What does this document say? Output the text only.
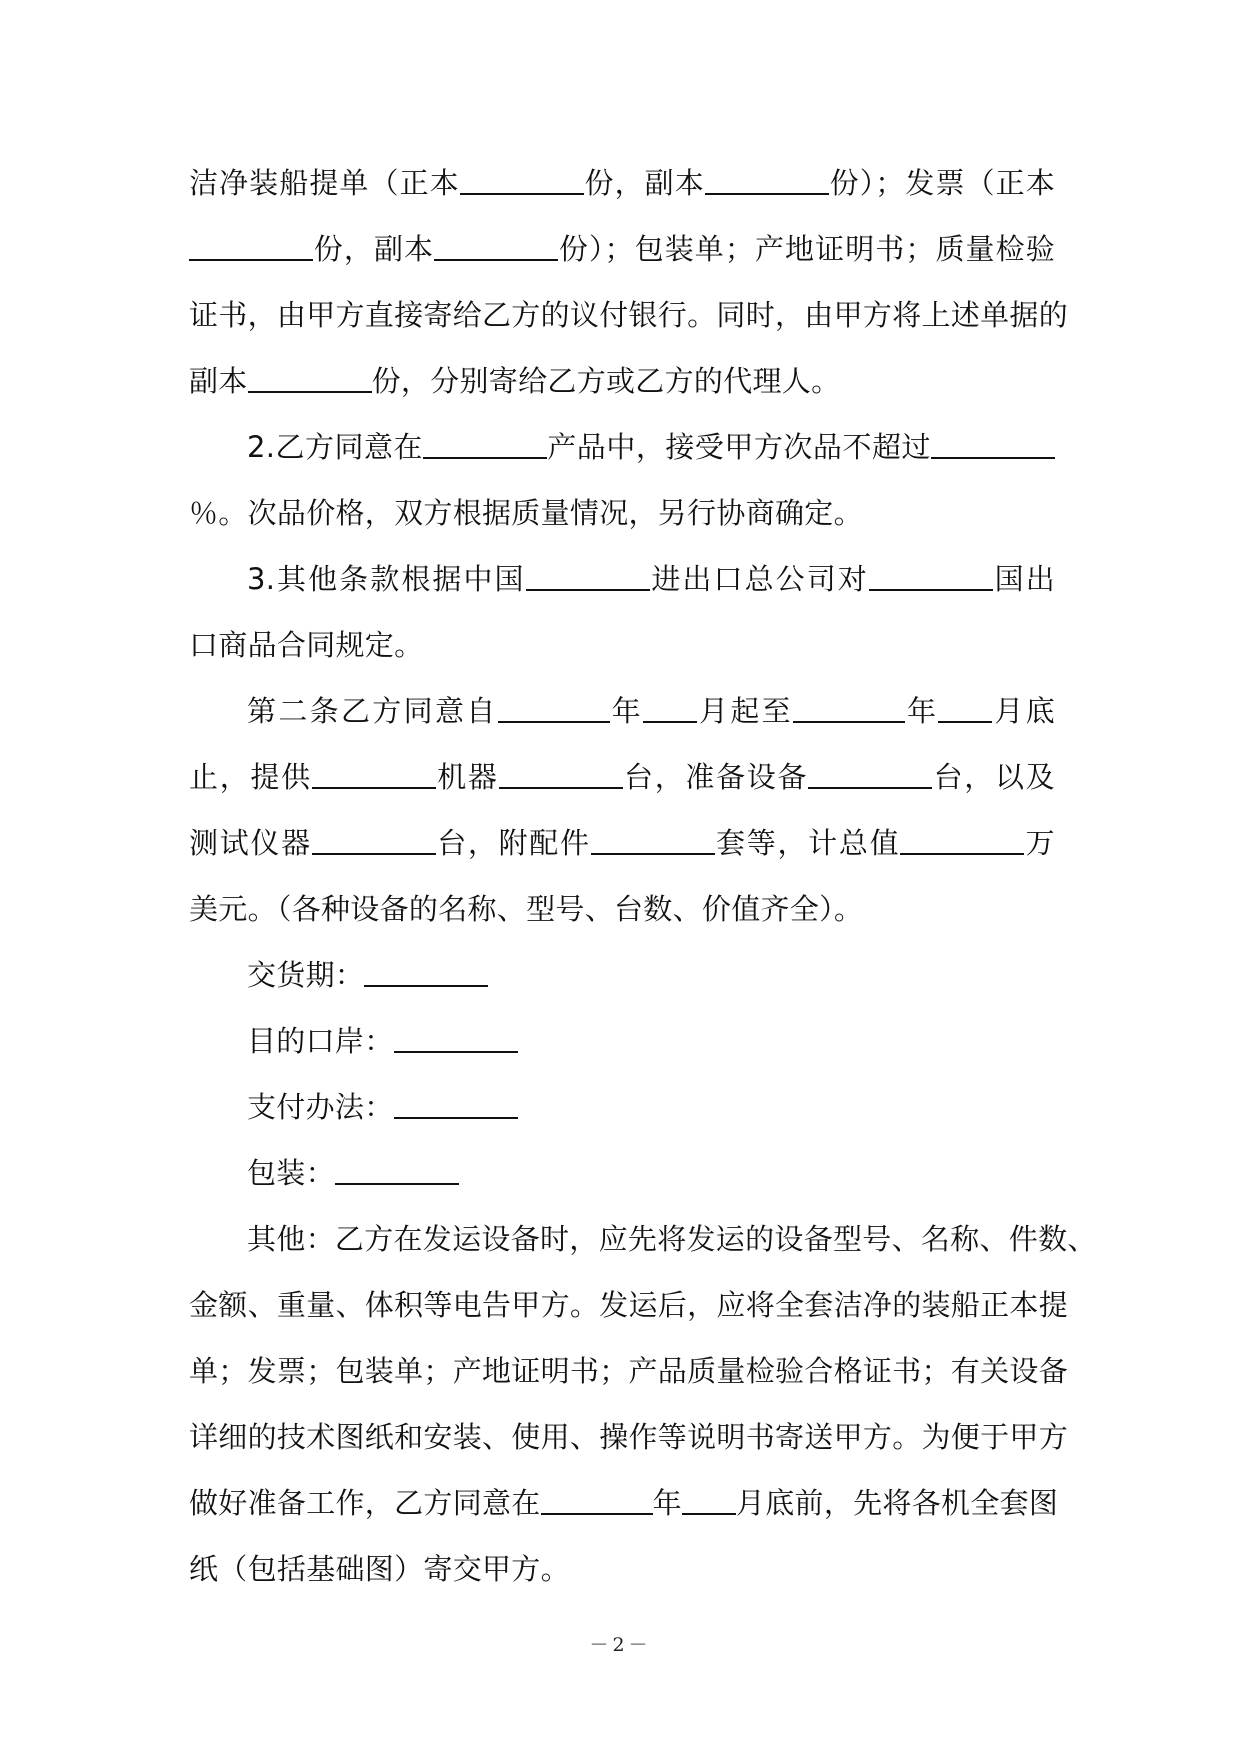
洁净装船提单（正本	份，副本	份）；发票（正本
份，副本	份）；包装单；产地证明书；质量检验
证书，由甲方直接寄给乙方的议付银行。同时，由甲方将上述单据的
副本	份，分别寄给乙方或乙方的代理人。
2.乙方同意在	产品中，接受甲方次品不超过
％。次品价格，双方根据质量情况，另行协商确定。
3.其他条款根据中国	进出口总公司对	国出
口商品合同规定。
第二条乙方同意自	年 月起至	年 月底
止，提供	机器	台，准备设备	台，以及
测试仪器	台，附配件	套等，计总值	万
美元。（各种设备的名称、型号、台数、价值齐全）。
交货期：
目的口岸：
支付办法：
包装：
其他：乙方在发运设备时，应先将发运的设备型号、名称、件数、
金额、重量、体积等电告甲方。发运后，应将全套洁净的装船正本提
单；发票；包装单；产地证明书；产品质量检验合格证书；有关设备
详细的技术图纸和安装、使用、操作等说明书寄送甲方。为便于甲方
做好准备工作，乙方同意在	年 月底前，先将各机全套图
纸（包括基础图）寄交甲方。
－2－
